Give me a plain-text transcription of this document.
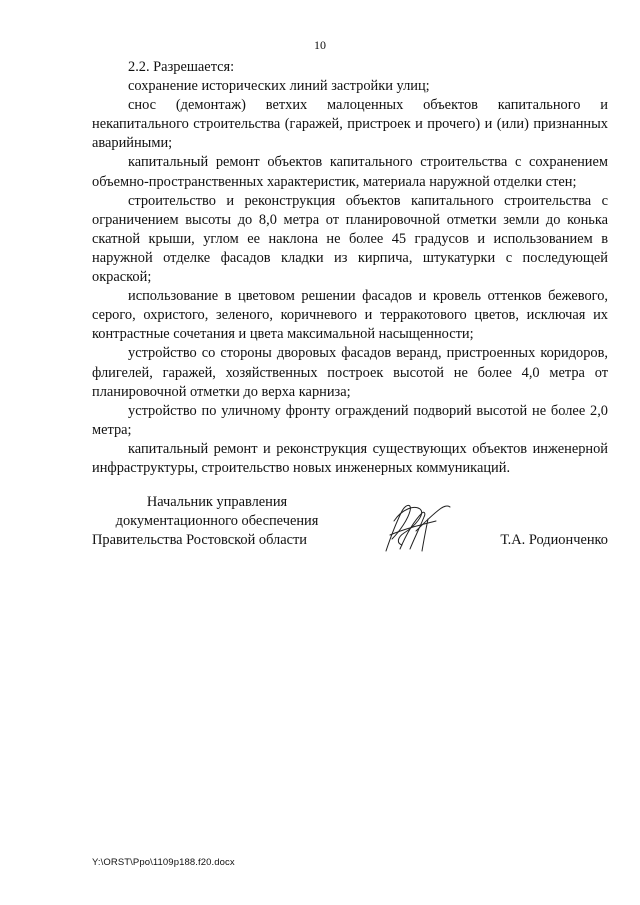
10

2.2. Разрешается:

сохранение исторических линий застройки улиц;

снос (демонтаж) ветхих малоценных объектов капитального и некапитального строительства (гаражей, пристроек и прочего) и (или) признанных аварийными;

капитальный ремонт объектов капитального строительства с сохранением объемно-пространственных характеристик, материала наружной отделки стен;

строительство и реконструкция объектов капитального строительства с ограничением высоты до 8,0 метра от планировочной отметки земли до конька скатной крыши, углом ее наклона не более 45 градусов и использованием в наружной отделке фасадов кладки из кирпича, штукатурки с последующей окраской;

использование в цветовом решении фасадов и кровель оттенков бежевого, серого, охристого, зеленого, коричневого и терракотового цветов, исключая их контрастные сочетания и цвета максимальной насыщенности;

устройство со стороны дворовых фасадов веранд, пристроенных коридоров, флигелей, гаражей, хозяйственных построек высотой не более 4,0 метра от планировочной отметки до верха карниза;

устройство по уличному фронту ограждений подворий высотой не более 2,0 метра;

капитальный ремонт и реконструкция существующих объектов инженерной инфраструктуры, строительство новых инженерных коммуникаций.

Начальник управления
документационного обеспечения
Правительства Ростовской области	Т.А. Родионченко
Y:\ORST\Ppo\1109p188.f20.docx
